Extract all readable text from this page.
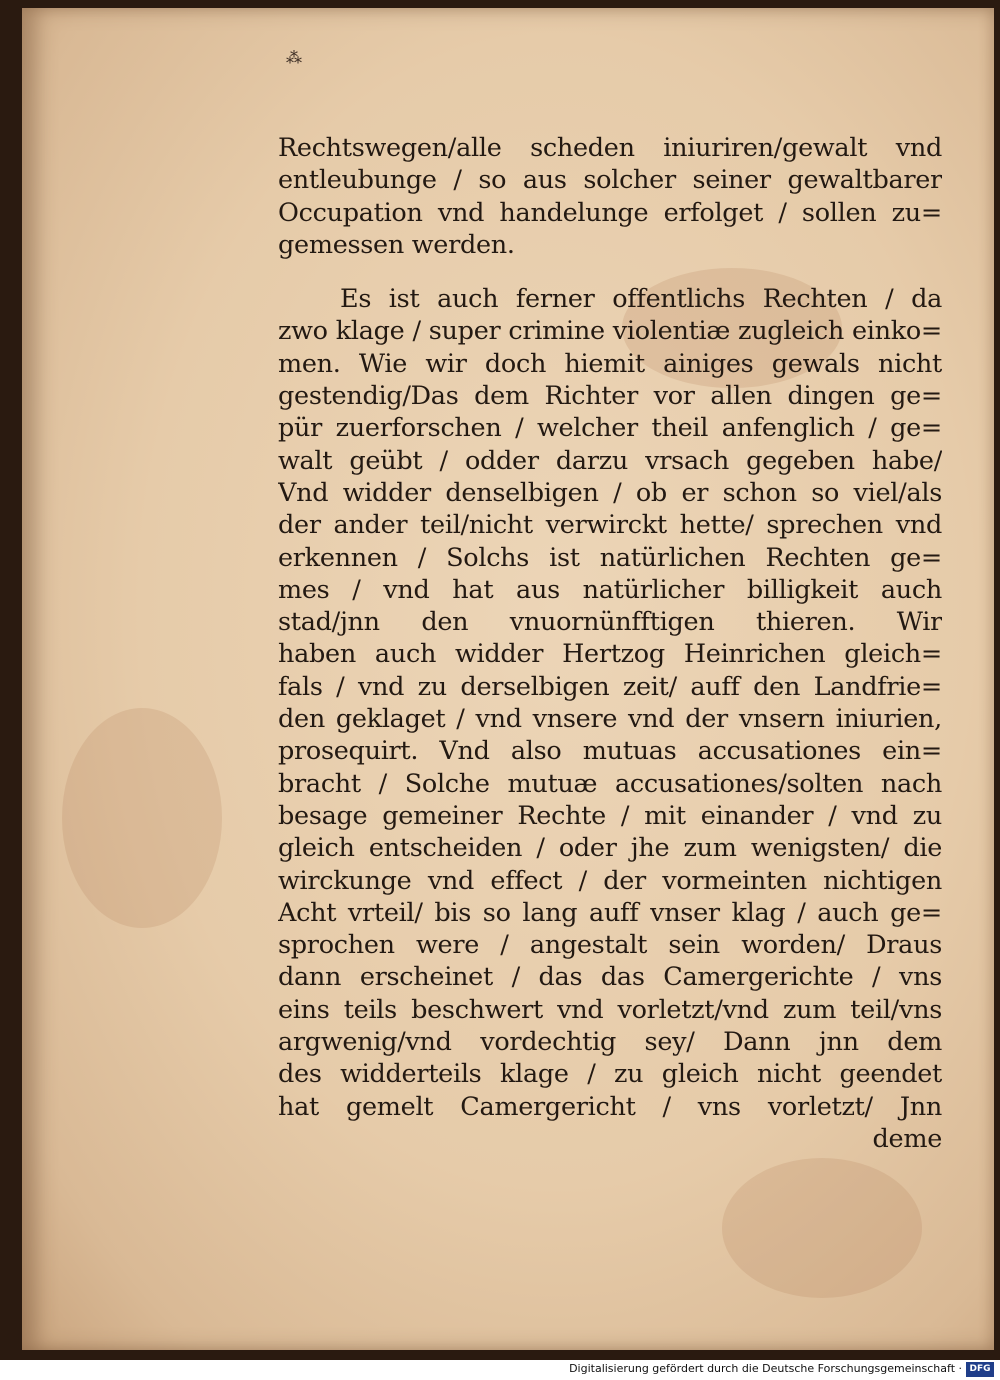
⁂
Rechtswegen/alle scheden iniuriren/gewalt vnd
entleubunge / so aus solcher seiner gewaltbarer
Occupation vnd handelunge erfolget / sollen zu=
gemessen werden.
Es ist auch ferner offentlichs Rechten / da
zwo klage / super crimine violentiæ zugleich einko=
men. Wie wir doch hiemit ainiges gewals nicht
gestendig/Das dem Richter vor allen dingen ge=
pür zuerforschen / welcher theil anfenglich / ge=
walt geübt / odder darzu vrsach gegeben habe/
Vnd widder denselbigen / ob er schon so viel/als
der ander teil/nicht verwirckt hette/ sprechen vnd
erkennen / Solchs ist natürlichen Rechten ge=
mes / vnd hat aus natürlicher billigkeit auch
stad/jnn den vnuornünfftigen thieren. Wir
haben auch widder Hertzog Heinrichen gleich=
fals / vnd zu derselbigen zeit/ auff den Landfrie=
den geklaget / vnd vnsere vnd der vnsern iniurien,
prosequirt. Vnd also mutuas accusationes ein=
bracht / Solche mutuæ accusationes/solten nach
besage gemeiner Rechte / mit einander / vnd zu
gleich entscheiden / oder jhe zum wenigsten/ die
wirckunge vnd effect / der vormeinten nichtigen
Acht vrteil/ bis so lang auff vnser klag / auch ge=
sprochen were / angestalt sein worden/ Draus
dann erscheinet / das das Camergerichte / vns
eins teils beschwert vnd vorletzt/vnd zum teil/vns
argwenig/vnd vordechtig sey/ Dann jnn dem
des widderteils klage / zu gleich nicht geendet
hat gemelt Camergericht / vns vorletzt/ Jnn
deme
Digitalisierung gefördert durch die Deutsche Forschungsgemeinschaft · DFG
